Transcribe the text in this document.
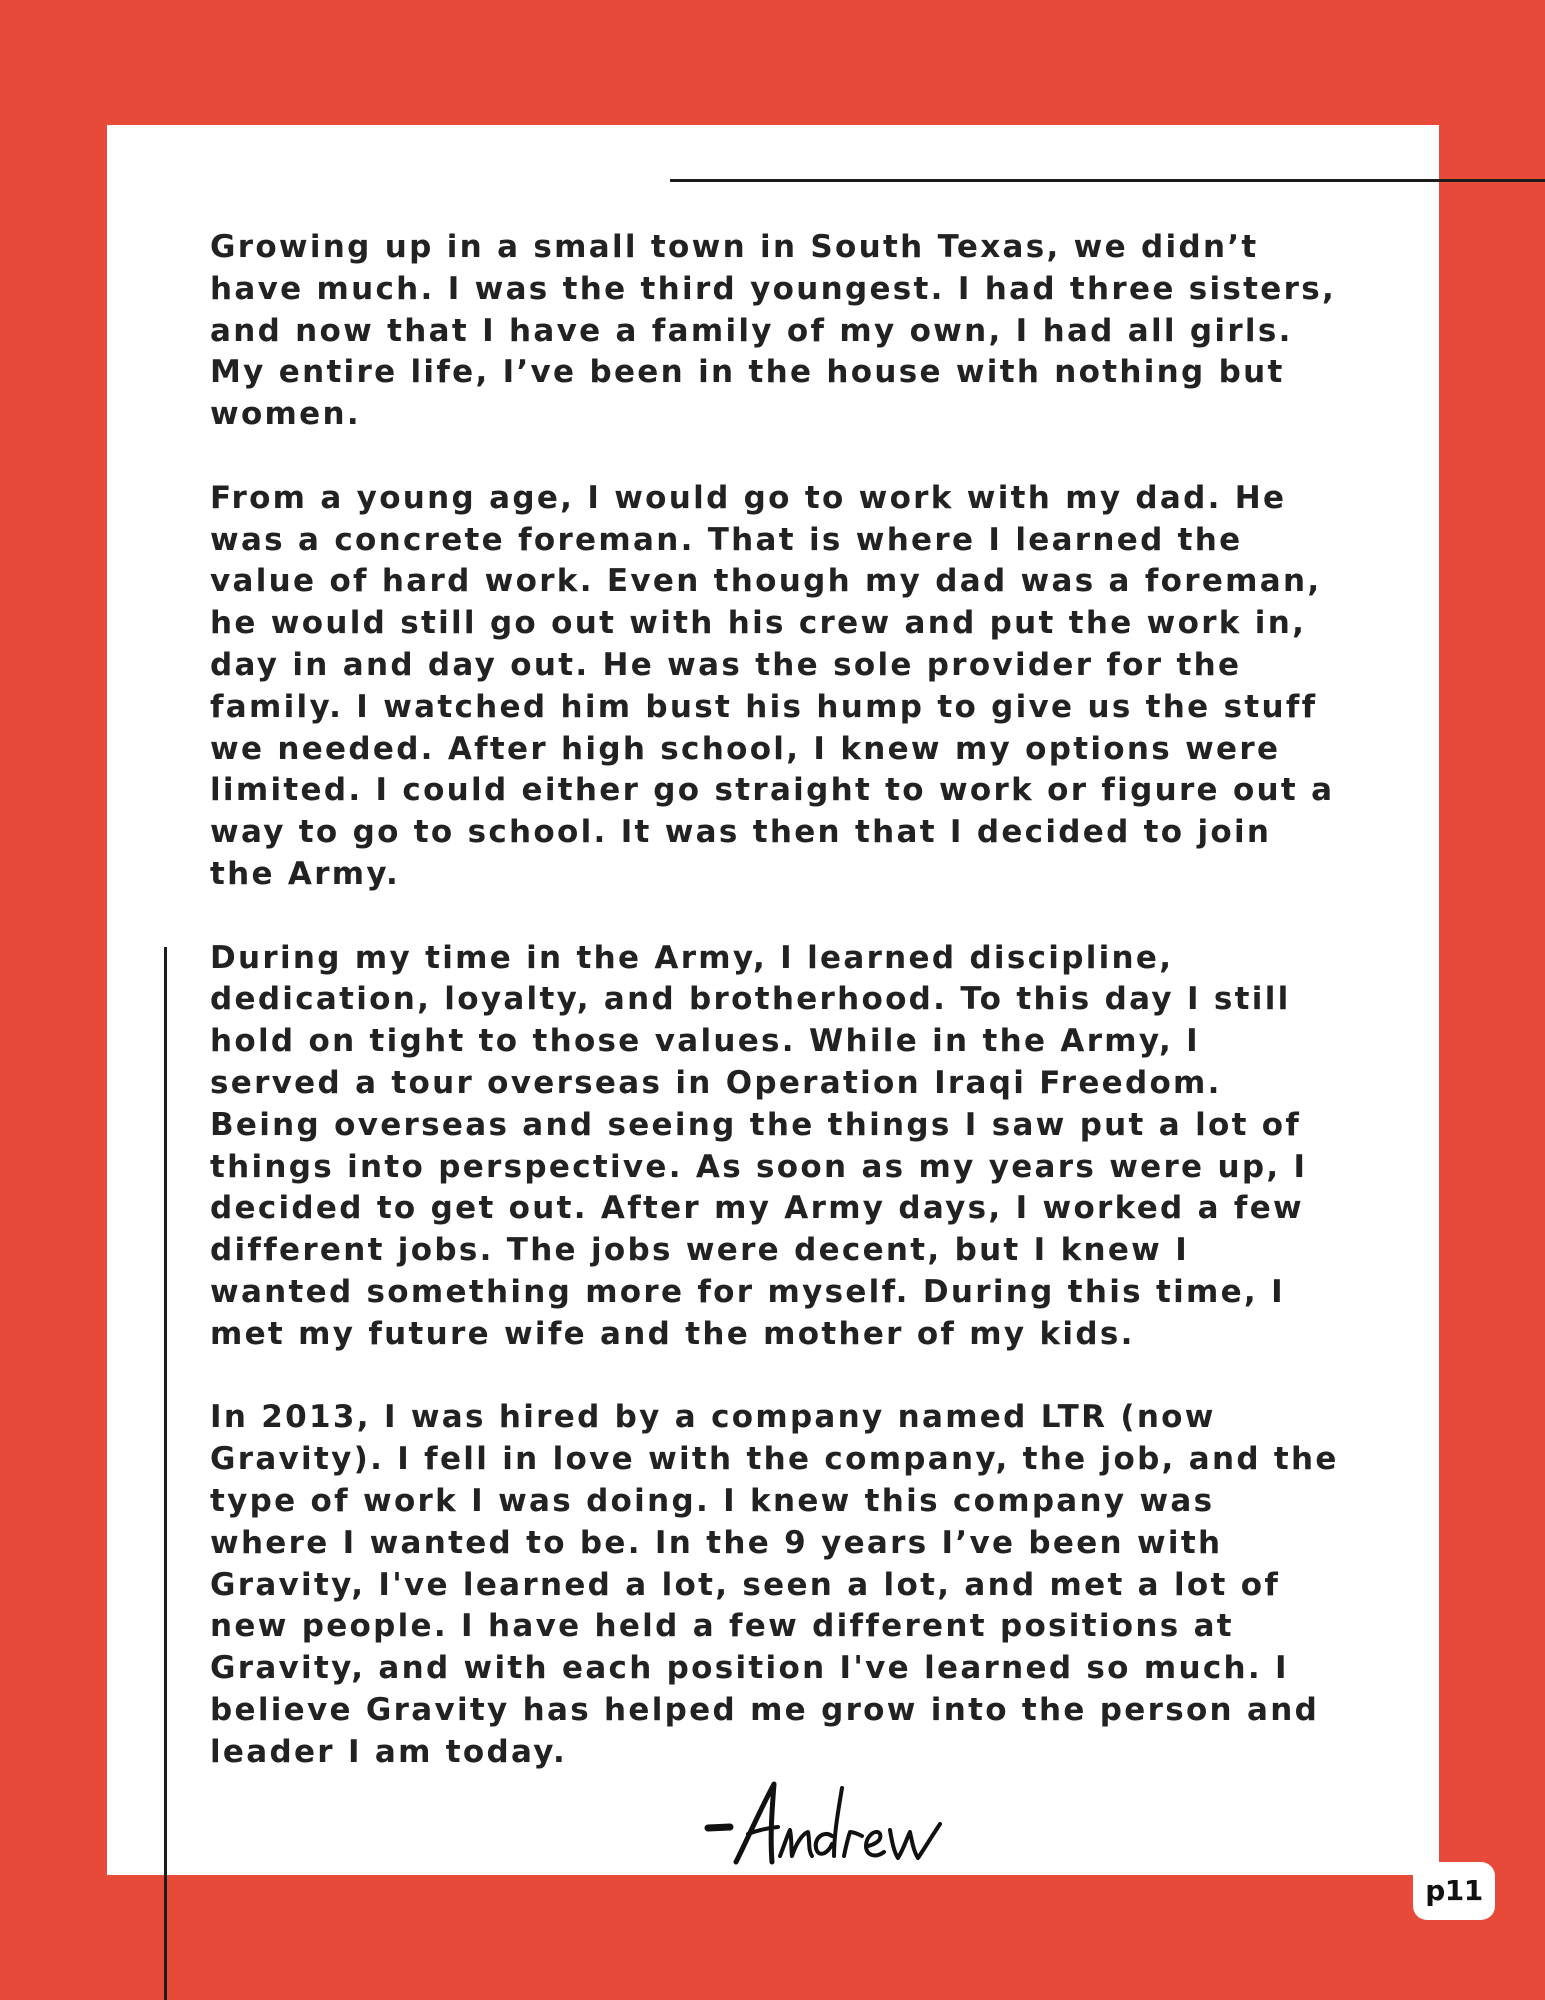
Growing up in a small town in South Texas, we didn’t have much. I was the third youngest. I had three sisters, and now that I have a family of my own, I had all girls. My entire life, I’ve been in the house with nothing but women.

From a young age, I would go to work with my dad. He was a concrete foreman. That is where I learned the value of hard work. Even though my dad was a foreman, he would still go out with his crew and put the work in, day in and day out. He was the sole provider for the family. I watched him bust his hump to give us the stuff we needed. After high school, I knew my options were limited. I could either go straight to work or figure out a way to go to school. It was then that I decided to join the Army.

During my time in the Army, I learned discipline, dedication, loyalty, and brotherhood. To this day I still hold on tight to those values. While in the Army, I served a tour overseas in Operation Iraqi Freedom. Being overseas and seeing the things I saw put a lot of things into perspective. As soon as my years were up, I decided to get out. After my Army days, I worked a few different jobs. The jobs were decent, but I knew I wanted something more for myself. During this time, I met my future wife and the mother of my kids.

In 2013, I was hired by a company named LTR (now Gravity). I fell in love with the company, the job, and the type of work I was doing. I knew this company was where I wanted to be. In the 9 years I’ve been with Gravity, I've learned a lot, seen a lot, and met a lot of new people. I have held a few different positions at Gravity, and with each position I've learned so much. I believe Gravity has helped me grow into the person and leader I am today.

p11
